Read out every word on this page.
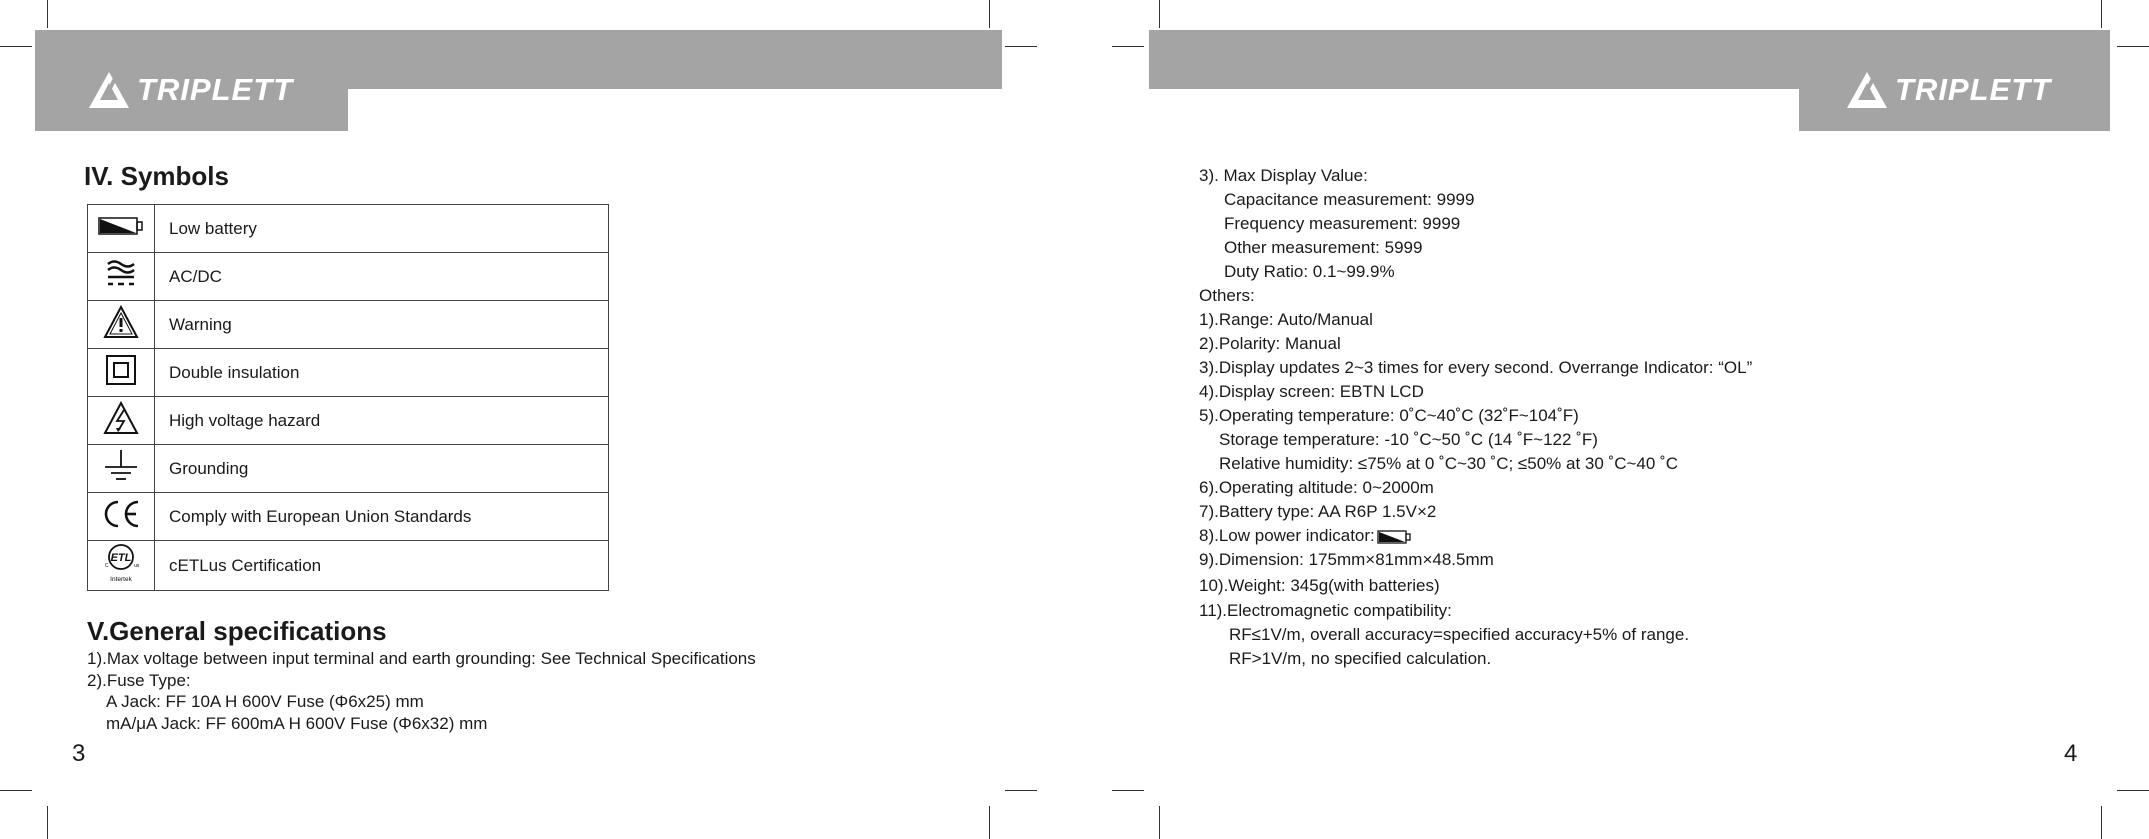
TRIPLETT	TRIPLETT
IV. Symbols
	Low battery
	AC/DC
	Warning
	Double insulation
	High voltage hazard
	Grounding
	Comply with European Union Standards

ETL
C us
Intertek	cETLus Certification
V.General specifications
1).Max voltage between input terminal and earth grounding: See Technical Specifications
2).Fuse Type:
A Jack: FF 10A H 600V Fuse (Φ6x25) mm
mA/μA Jack: FF 600mA H 600V Fuse (Φ6x32) mm
3
3). Max Display Value:
Capacitance measurement: 9999
Frequency measurement: 9999
Other measurement: 5999
Duty Ratio: 0.1~99.9%
Others:
1).Range: Auto/Manual
2).Polarity: Manual
3).Display updates 2~3 times for every second. Overrange Indicator: “OL”
4).Display screen: EBTN LCD
5).Operating temperature: 0˚C~40˚C (32˚F~104˚F)
Storage temperature: -10 ˚C~50 ˚C (14 ˚F~122 ˚F)
Relative humidity: ≤75% at 0 ˚C~30 ˚C; ≤50% at 30 ˚C~40 ˚C
6).Operating altitude: 0~2000m
7).Battery type: AA R6P 1.5V×2
8).Low power indicator:
9).Dimension: 175mm×81mm×48.5mm
10).Weight: 345g(with batteries)
11).Electromagnetic compatibility:
RF≤1V/m, overall accuracy=specified accuracy+5% of range.
RF>1V/m, no specified calculation.
4
